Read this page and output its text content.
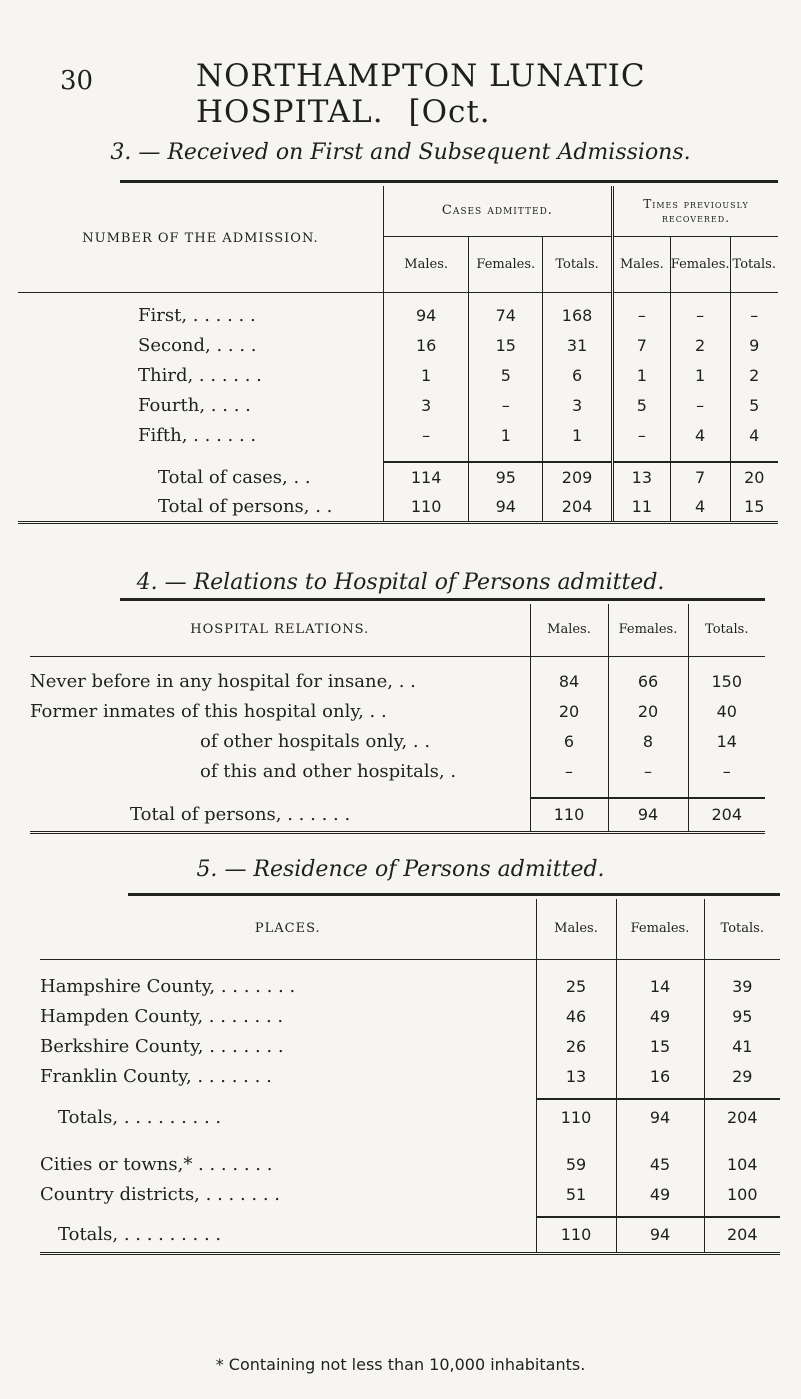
30	NORTHAMPTON LUNATIC HOSPITAL. [Oct.
3. — Received on First and Subsequent Admissions.
NUMBER OF THE ADMISSION.	Cases admitted.			Times previously recovered.		
	Males.	Females.	Totals.	Males.	Females.	Totals.

First, . . . . . .	94	74	168	–	–	–
Second, . . . .	16	15	31	7	2	9
Third, . . . . . .	1	5	6	1	1	2
Fourth, . . . .	3	–	3	5	–	5
Fifth, . . . . . .	–	1	1	–	4	4

Total of cases, . .	114	95	209	13	7	20
Total of persons, . .	110	94	204	11	4	15
4. — Relations to Hospital of Persons admitted.
HOSPITAL RELATIONS.	Males.	Females.	Totals.

Never before in any hospital for insane, . .	84	66	150
Former inmates of this hospital only, . .	20	20	40
of other hospitals only, . .	6	8	14
of this and other hospitals, .	–	–	–

Total of persons, . . . . . .	110	94	204
5. — Residence of Persons admitted.
PLACES.	Males.	Females.	Totals.

Hampshire County, . . . . . . .	25	14	39
Hampden County, . . . . . . .	46	49	95
Berkshire County, . . . . . . .	26	15	41
Franklin County, . . . . . . .	13	16	29

Totals, . . . . . . . . .	110	94	204

Cities or towns,* . . . . . . .	59	45	104
Country districts, . . . . . . .	51	49	100

Totals, . . . . . . . . .	110	94	204
* Containing not less than 10,000 inhabitants.
